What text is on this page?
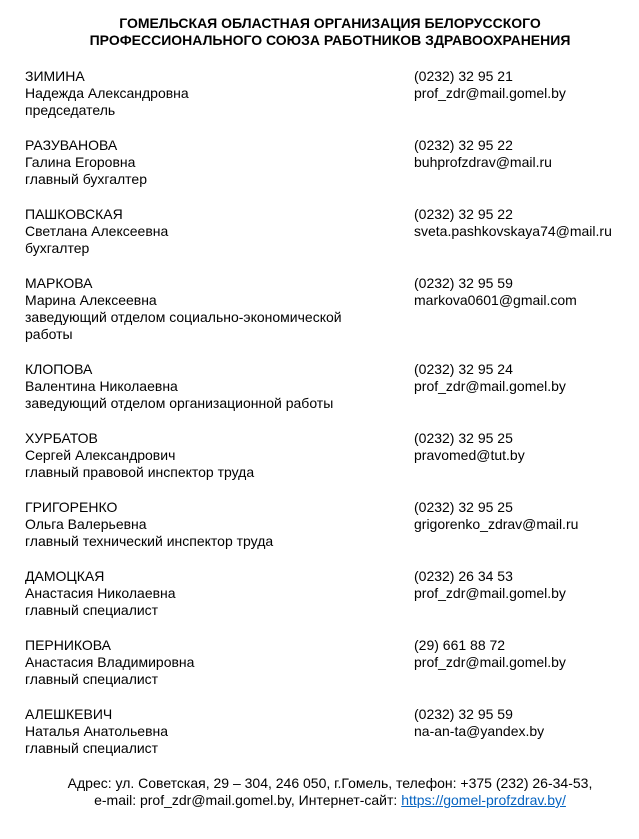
ГОМЕЛЬСКАЯ ОБЛАСТНАЯ ОРГАНИЗАЦИЯ БЕЛОРУССКОГО
ПРОФЕССИОНАЛЬНОГО СОЮЗА РАБОТНИКОВ ЗДРАВООХРАНЕНИЯ
ЗИМИНА
Надежда Александровна
председатель
(0232) 32 95 21
prof_zdr@mail.gomel.by
РАЗУВАНОВА
Галина Егоровна
главный бухгалтер
(0232) 32 95 22
buhprofzdrav@mail.ru
ПАШКОВСКАЯ
Светлана Алексеевна
бухгалтер
(0232) 32 95 22
sveta.pashkovskaya74@mail.ru
МАРКОВА
Марина Алексеевна
заведующий отделом социально-экономической работы
(0232) 32 95 59
markova0601@gmail.com
КЛОПОВА
Валентина Николаевна
заведующий отделом организационной работы
(0232) 32 95 24
prof_zdr@mail.gomel.by
ХУРБАТОВ
Сергей Александрович
главный правовой инспектор труда
(0232) 32 95 25
pravomed@tut.by
ГРИГОРЕНКО
Ольга Валерьевна
главный технический инспектор труда
(0232) 32 95 25
grigorenko_zdrav@mail.ru
ДАМОЦКАЯ
Анастасия Николаевна
главный специалист
(0232) 26 34 53
prof_zdr@mail.gomel.by
ПЕРНИКОВА
Анастасия Владимировна
главный специалист
(29) 661 88 72
prof_zdr@mail.gomel.by
АЛЕШКЕВИЧ
Наталья Анатольевна
главный специалист
(0232) 32 95 59
na-an-ta@yandex.by
Адрес: ул. Советская, 29 – 304, 246 050, г.Гомель, телефон: +375 (232) 26-34-53,
e-mail: prof_zdr@mail.gomel.by, Интернет-сайт: https://gomel-profzdrav.by/
